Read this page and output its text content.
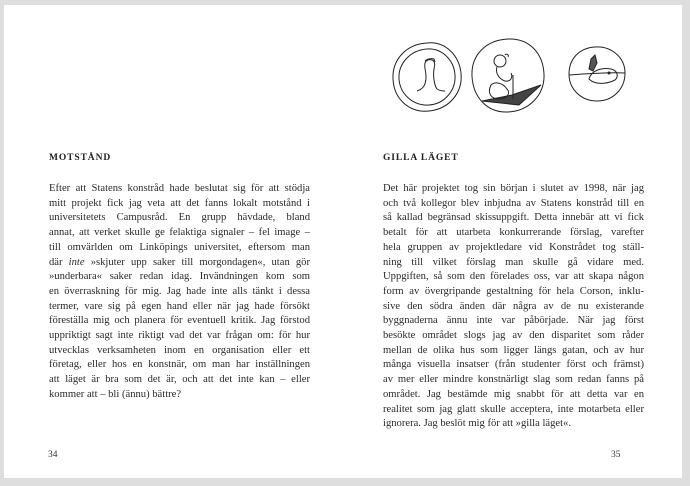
MOTSTÅND
Efter att Statens konstråd hade beslutat sig för att stödja
mitt projekt fick jag veta att det fanns lokalt motstånd i
universitetets Campusråd. En grupp hävdade, bland
annat, att verket skulle ge felaktiga signaler – fel image –
till omvärlden om Linköpings universitet, eftersom man
där inte »skjuter upp saker till morgondagen«, utan gör
»underbara« saker redan idag. Invändningen kom som
en överraskning för mig. Jag hade inte alls tänkt i dessa
termer, vare sig på egen hand eller när jag hade försökt
föreställa mig och planera för eventuell kritik. Jag förstod
uppriktigt sagt inte riktigt vad det var frågan om: för hur
utvecklas verksamheten inom en organisation eller ett
företag, eller hos en konstnär, om man har inställningen
att läget är bra som det är, och att det inte kan – eller
kommer att – bli (ännu) bättre?
34
GILLA LÄGET
Det här projektet tog sin början i slutet av 1998, när jag
och två kollegor blev inbjudna av Statens konstråd till en
så kallad begränsad skissuppgift. Detta innebär att vi fick
betalt för att utarbeta konkurrerande förslag, varefter
hela gruppen av projektledare vid Konstrådet tog ställ-
ning till vilket förslag man skulle gå vidare med.
Uppgiften, så som den förelades oss, var att skapa någon
form av övergripande gestaltning för hela Corson, inklu-
sive den södra änden där några av de nu existerande
byggnaderna ännu inte var påbörjade. När jag först
besökte området slogs jag av den disparitet som råder
mellan de olika hus som ligger längs gatan, och av hur
många visuella insatser (från studenter först och främst)
av mer eller mindre konstnärligt slag som redan fanns på
området. Jag bestämde mig snabbt för att detta var en
realitet som jag glatt skulle acceptera, inte motarbeta eller
ignorera. Jag beslöt mig för att »gilla läget«.
35
